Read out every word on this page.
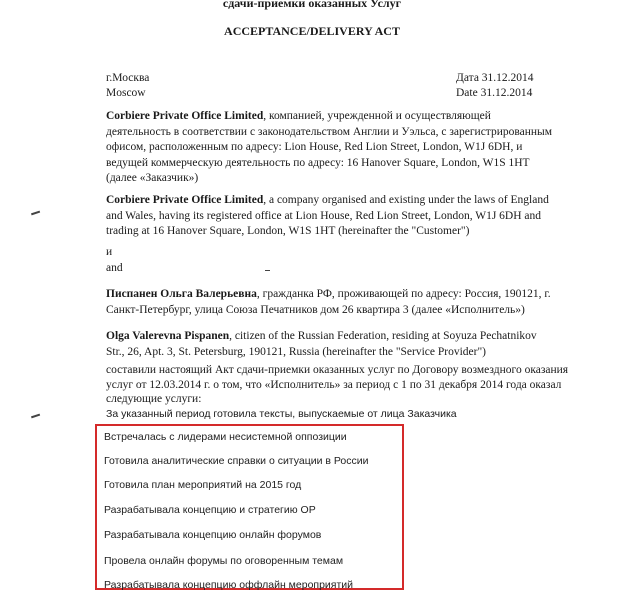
сдачи-приемки оказанных Услуг
ACCEPTANCE/DELIVERY ACT
г.Москва
Moscow
Дата 31.12.2014
Date 31.12.2014
Corbiere Private Office Limited, компанией, учрежденной и осуществляющей
деятельность в соответствии с законодательством Англии и Уэльса, с зарегистрированным
офисом, расположенным по адресу: Lion House, Red Lion Street, London, W1J 6DH, и
ведущей коммерческую деятельность по адресу: 16 Hanover Square, London, W1S 1HT
(далее «Заказчик»)
Corbiere Private Office Limited, a company organised and existing under the laws of England
and Wales, having its registered office at Lion House, Red Lion Street, London, W1J 6DH and
trading at 16 Hanover Square, London, W1S 1HT (hereinafter the "Customer")
и
and
Писпанен Ольга Валерьевна, гражданка РФ, проживающей по адресу: Россия, 190121, г.
Санкт-Петербург, улица Союза Печатников дом 26 квартира 3 (далее «Исполнитель»)
Olga Valerevna Pispanen, citizen of the Russian Federation, residing at Soyuza Pechatnikov
Str., 26, Apt. 3, St. Petersburg, 190121, Russia (hereinafter the "Service Provider")
составили настоящий Акт сдачи-приемки оказанных услуг по Договору возмездного оказания
услуг от 12.03.2014 г. о том, что «Исполнитель» за период с 1 по 31 декабря 2014 года оказал
следующие услуги:
За указанный период готовила тексты, выпускаемые от лица Заказчика
Встречалась с лидерами несистемной оппозиции
Готовила аналитические справки о ситуации в России
Готовила план мероприятий на 2015 год
Разрабатывала концепцию и стратегию OP
Разрабатывала концепцию онлайн форумов
Провела онлайн форумы по оговоренным темам
Разрабатывала концепцию оффлайн мероприятий
